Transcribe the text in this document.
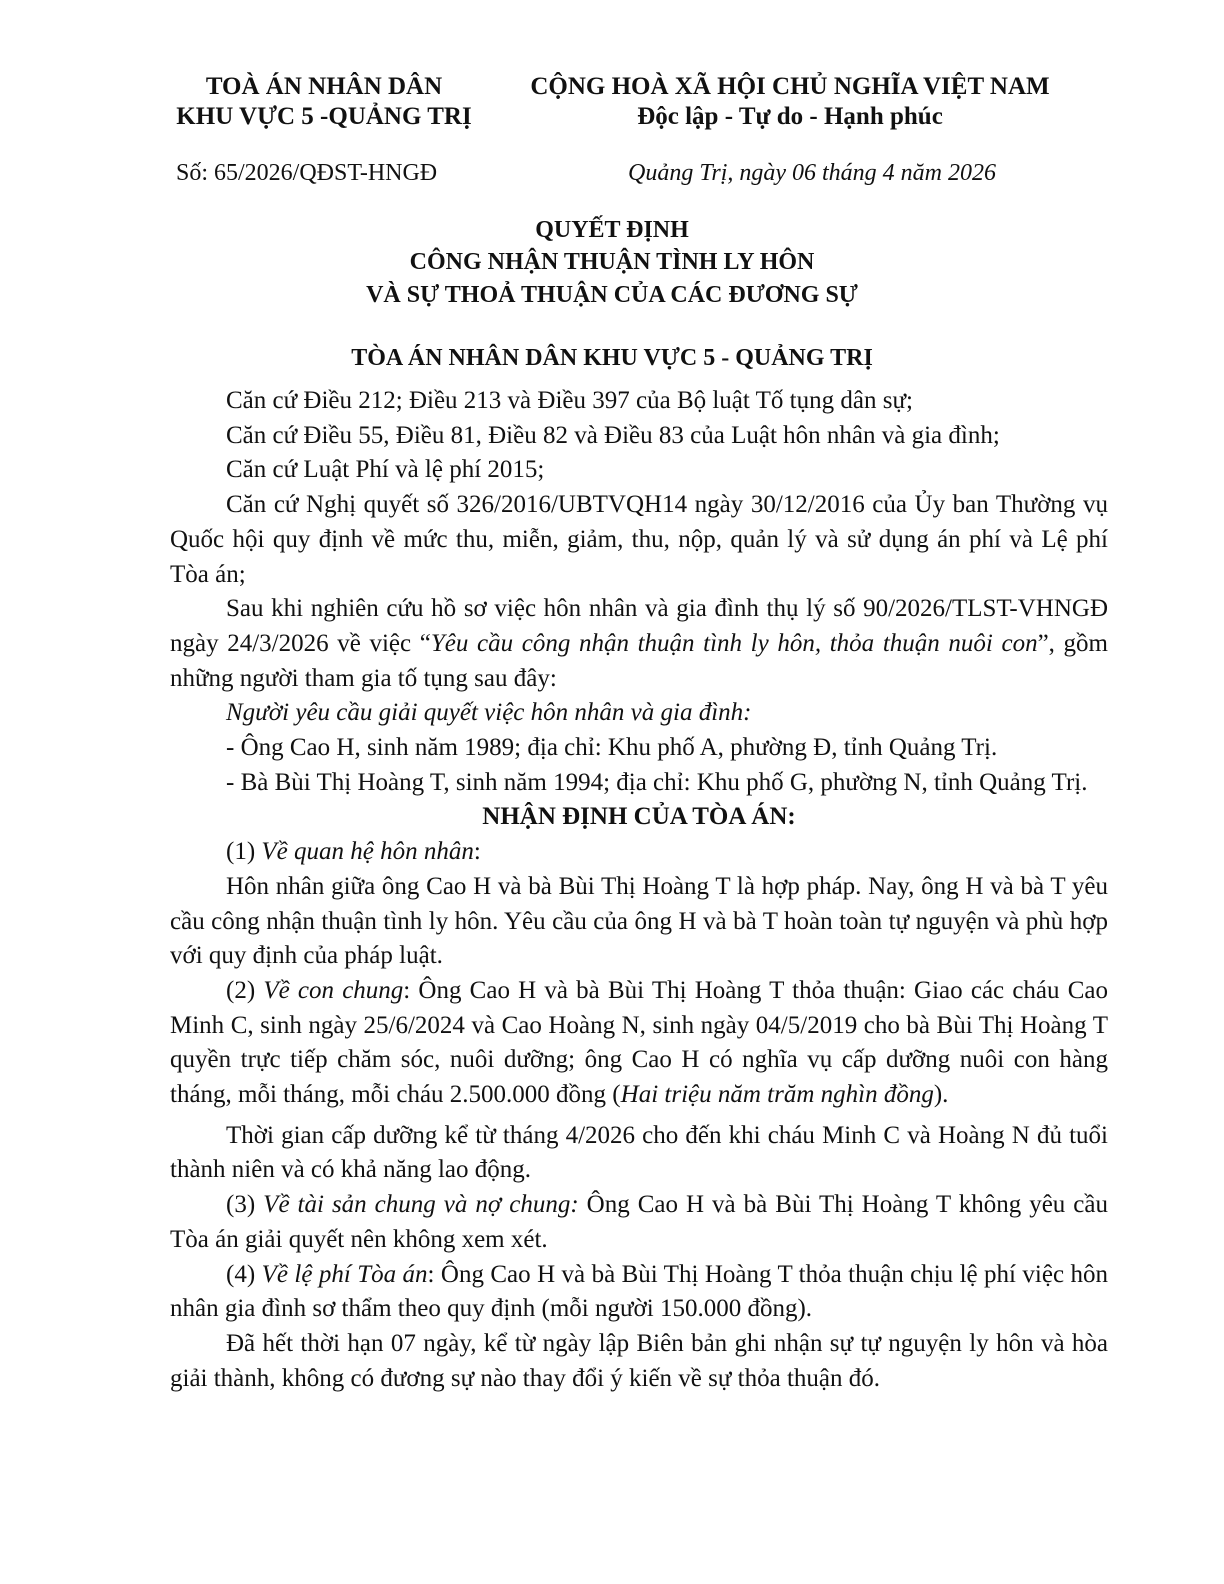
TOÀ ÁN NHÂN DÂN
KHU VỰC 5 -QUẢNG TRỊ
CỘNG HOÀ XÃ HỘI CHỦ NGHĨA VIỆT NAM
Độc lập - Tự do - Hạnh phúc
Số: 65/2026/QĐST-HNGĐ	Quảng Trị, ngày 06 tháng 4 năm 2026
QUYẾT ĐỊNH
CÔNG NHẬN THUẬN TÌNH LY HÔN
VÀ SỰ THOẢ THUẬN CỦA CÁC ĐƯƠNG SỰ
TÒA ÁN NHÂN DÂN KHU VỰC 5 - QUẢNG TRỊ

Căn cứ Điều 212; Điều 213 và Điều 397 của Bộ luật Tố tụng dân sự;

Căn cứ Điều 55, Điều 81, Điều 82 và Điều 83 của Luật hôn nhân và gia đình;

Căn cứ Luật Phí và lệ phí 2015;

Căn cứ Nghị quyết số 326/2016/UBTVQH14 ngày 30/12/2016 của Ủy ban Thường vụ Quốc hội quy định về mức thu, miễn, giảm, thu, nộp, quản lý và sử dụng án phí và Lệ phí Tòa án;

Sau khi nghiên cứu hồ sơ việc hôn nhân và gia đình thụ lý số 90/2026/TLST-VHNGĐ ngày 24/3/2026 về việc “Yêu cầu công nhận thuận tình ly hôn, thỏa thuận nuôi con”, gồm những người tham gia tố tụng sau đây:

Người yêu cầu giải quyết việc hôn nhân và gia đình:

- Ông Cao H, sinh năm 1989; địa chỉ: Khu phố A, phường Đ, tỉnh Quảng Trị.

- Bà Bùi Thị Hoàng T, sinh năm 1994; địa chỉ: Khu phố G, phường N, tỉnh Quảng Trị.

NHẬN ĐỊNH CỦA TÒA ÁN:

(1) Về quan hệ hôn nhân:

Hôn nhân giữa ông Cao H và bà Bùi Thị Hoàng T là hợp pháp. Nay, ông H và bà T yêu cầu công nhận thuận tình ly hôn. Yêu cầu của ông H và bà T hoàn toàn tự nguyện và phù hợp với quy định của pháp luật.

(2) Về con chung: Ông Cao H và bà Bùi Thị Hoàng T thỏa thuận: Giao các cháu Cao Minh C, sinh ngày 25/6/2024 và Cao Hoàng N, sinh ngày 04/5/2019 cho bà Bùi Thị Hoàng T quyền trực tiếp chăm sóc, nuôi dưỡng; ông Cao H có nghĩa vụ cấp dưỡng nuôi con hàng tháng, mỗi tháng, mỗi cháu 2.500.000 đồng (Hai triệu năm trăm nghìn đồng).

Thời gian cấp dưỡng kể từ tháng 4/2026 cho đến khi cháu Minh C và Hoàng N đủ tuổi thành niên và có khả năng lao động.

(3) Về tài sản chung và nợ chung: Ông Cao H và bà Bùi Thị Hoàng T không yêu cầu Tòa án giải quyết nên không xem xét.

(4) Về lệ phí Tòa án: Ông Cao H và bà Bùi Thị Hoàng T thỏa thuận chịu lệ phí việc hôn nhân gia đình sơ thẩm theo quy định (mỗi người 150.000 đồng).

Đã hết thời hạn 07 ngày, kể từ ngày lập Biên bản ghi nhận sự tự nguyện ly hôn và hòa giải thành, không có đương sự nào thay đổi ý kiến về sự thỏa thuận đó.
